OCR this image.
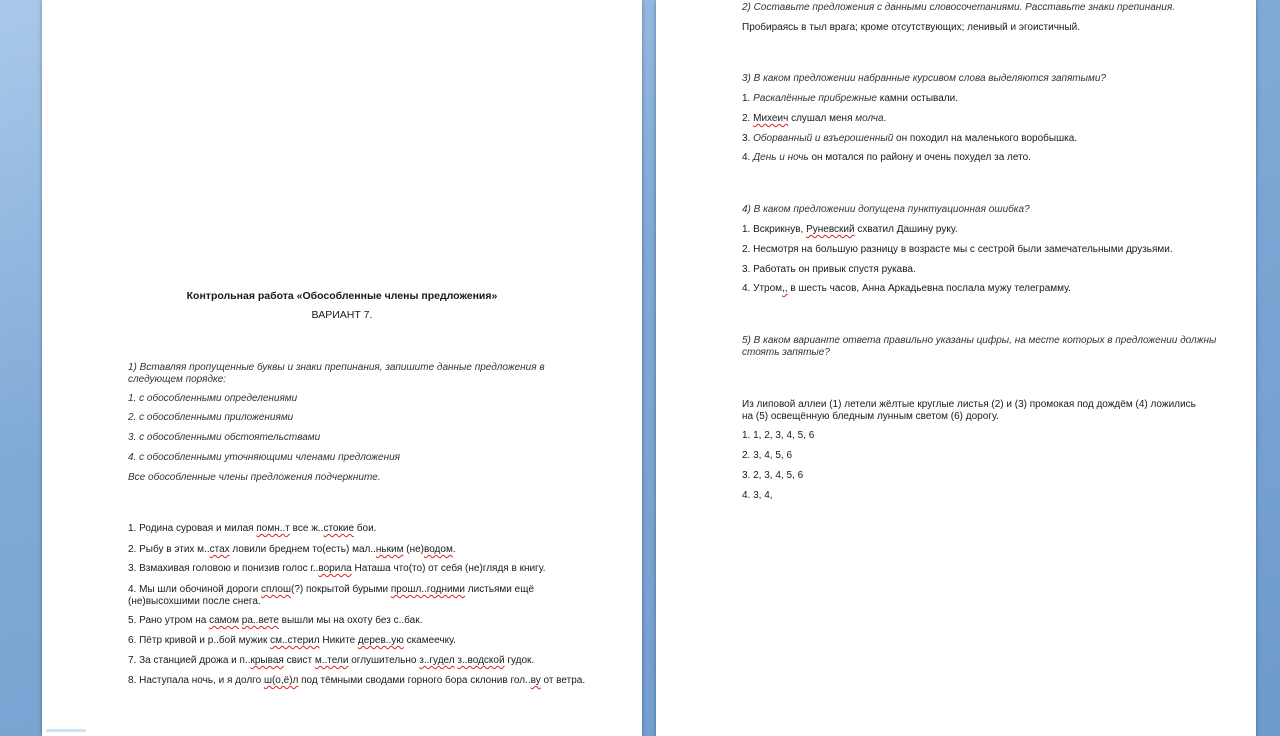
Контрольная работа «Обособленные члены предложения»
ВАРИАНТ 7.
1) Вставляя пропущенные буквы и знаки препинания, запишите данные предложения в следующем порядке:
1. с обособленными определениями
2. с обособленными приложениями
3. с обособленными обстоятельствами
4. с обособленными уточняющими членами предложения
Все обособленные члены предложения подчеркните.
1. Родина суровая и милая помн..т все ж..стокие бои.
2. Рыбу в этих м..стах ловили бреднем то(есть) мал..ньким (не)водом.
3. Взмахивая головою и понизив голос г..ворила Наташа что(то) от себя (не)глядя в книгу.
4. Мы шли обочиной дороги сплош(?) покрытой бурыми прошл..годними листьями ещё (не)высохшими после снега.
5. Рано утром на самом ра..вете вышли мы на охоту без с..бак.
6. Пётр кривой и р..бой мужик см..стерил Никите дерев..ую скамеечку.
7. За станцией дрожа и п..крывая свист м..тели оглушительно з..гудел з..водской гудок.
8. Наступала ночь, и я долго ш(о,ё)л под тёмными сводами горного бора склонив гол..ву от ветра.
2) Составьте предложения с данными словосочетаниями. Расставьте знаки препинания.
Пробираясь в тыл врага; кроме отсутствующих; ленивый и эгоистичный.
3) В каком предложении набранные курсивом слова выделяются запятыми?
1. Раскалённые прибрежные камни остывали.
2. Михеич слушал меня молча.
3. Оборванный и взъерошенный он походил на маленького воробышка.
4. День и ночь он мотался по району и очень похудел за лето.
4) В каком предложении допущена пунктуационная ошибка?
1. Вскрикнув, Руневский схватил Дашину руку.
2. Несмотря на большую разницу в возрасте мы с сестрой были замечательными друзьями.
3. Работать он привык спустя рукава.
4. Утром,, в шесть часов, Анна Аркадьевна послала мужу телеграмму.
5) В каком варианте ответа правильно указаны цифры, на месте которых в предложении должны стоять запятые?
Из липовой аллеи (1) летели жёлтые круглые листья (2) и (3) промокая под дождём (4) ложились на (5) освещённую бледным лунным светом (6) дорогу.
1. 1, 2, 3, 4, 5, 6
2. 3, 4, 5, 6
3. 2, 3, 4, 5, 6
4. 3, 4,
